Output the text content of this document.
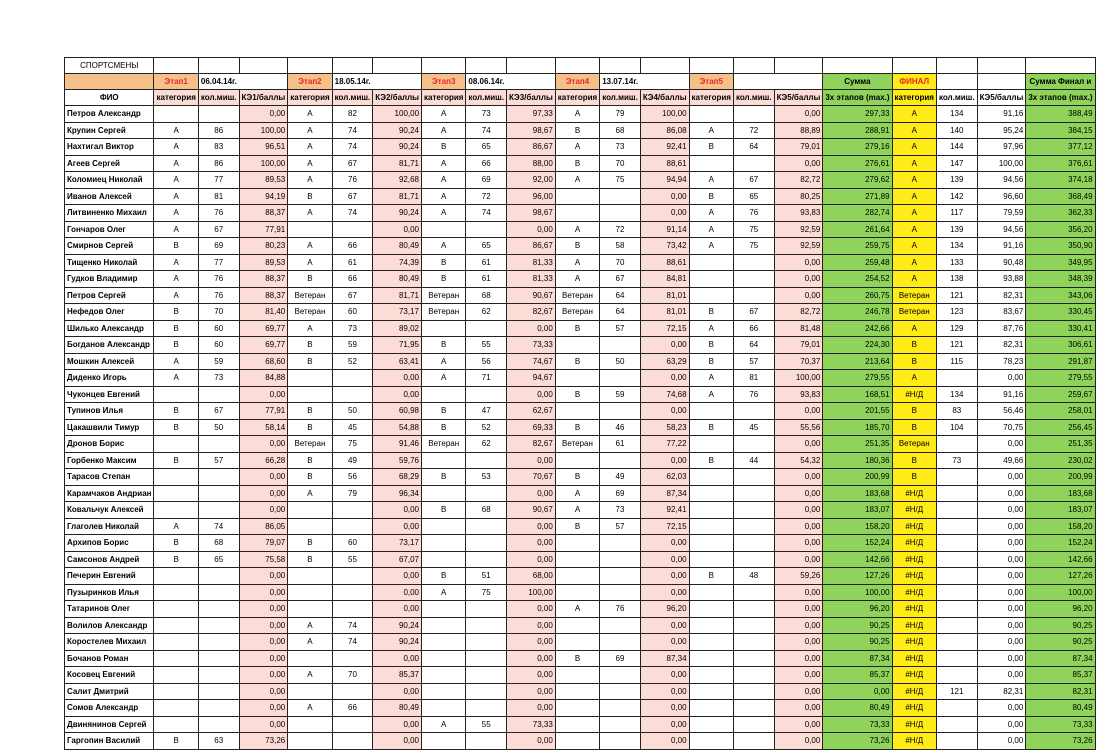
СПОРТСМЕНЫ																				
	Этап1	06.04.14г.		Этап2	18.05.14г.		Этап3	08.06.14г.		Этап4	13.07.14г.		Этап5			Сумма	ФИНАЛ			Сумма Финал и
ФИО	категория	кол.миш.	КЭ1/баллы	категория	кол.миш.	КЭ2/баллы	категория	кол.миш.	КЭ3/баллы	категория	кол.миш.	КЭ4/баллы	категория	кол.миш.	КЭ5/баллы	3х этапов (max.)	категория	кол.миш.	КЭ5/баллы	3х этапов (max.)
Петров Александр			0,00	A	82	100,00	A	73	97,33	A	79	100,00			0,00	297,33	A	134	91,16	388,49
Крупин Сергей	A	86	100,00	A	74	90,24	A	74	98,67	B	68	86,08	A	72	88,89	288,91	A	140	95,24	384,15
Нахтигал Виктор	A	83	96,51	A	74	90,24	B	65	86,67	A	73	92,41	B	64	79,01	279,16	A	144	97,96	377,12
Агеев Сергей	A	86	100,00	A	67	81,71	A	66	88,00	B	70	88,61			0,00	276,61	A	147	100,00	376,61
Коломиец Николай	A	77	89,53	A	76	92,68	A	69	92,00	A	75	94,94	A	67	82,72	279,62	A	139	94,56	374,18
Иванов Алексей	A	81	94,19	B	67	81,71	A	72	96,00			0,00	B	65	80,25	271,89	A	142	96,60	368,49
Литвиненко Михаил	A	76	88,37	A	74	90,24	A	74	98,67			0,00	A	76	93,83	282,74	A	117	79,59	362,33
Гончаров Олег	A	67	77,91			0,00			0,00	A	72	91,14	A	75	92,59	261,64	A	139	94,56	356,20
Смирнов Сергей	B	69	80,23	A	66	80,49	A	65	86,67	B	58	73,42	A	75	92,59	259,75	A	134	91,16	350,90
Тищенко Николай	A	77	89,53	A	61	74,39	B	61	81,33	A	70	88,61			0,00	259,48	A	133	90,48	349,95
Гудков Владимир	A	76	88,37	B	66	80,49	B	61	81,33	A	67	84,81			0,00	254,52	A	138	93,88	348,39
Петров Сергей	A	76	88,37	Ветеран	67	81,71	Ветеран	68	90,67	Ветеран	64	81,01			0,00	260,75	Ветеран	121	82,31	343,06
Нефедов Олег	B	70	81,40	Ветеран	60	73,17	Ветеран	62	82,67	Ветеран	64	81,01	B	67	82,72	246,78	Ветеран	123	83,67	330,45
Шилько Александр	B	60	69,77	A	73	89,02			0,00	B	57	72,15	A	66	81,48	242,66	A	129	87,76	330,41
Богданов Александр	B	60	69,77	B	59	71,95	B	55	73,33			0,00	B	64	79,01	224,30	B	121	82,31	306,61
Мошкин Алексей	A	59	68,60	B	52	63,41	A	56	74,67	B	50	63,29	B	57	70,37	213,64	B	115	78,23	291,87
Диденко Игорь	A	73	84,88			0,00	A	71	94,67			0,00	A	81	100,00	279,55	A		0,00	279,55
Чуконцев Евгений			0,00			0,00			0,00	B	59	74,68	A	76	93,83	168,51	#Н/Д	134	91,16	259,67
Тупинов Илья	B	67	77,91	B	50	60,98	B	47	62,67			0,00			0,00	201,55	B	83	56,46	258,01
Цакашвили Тимур	B	50	58,14	B	45	54,88	B	52	69,33	B	46	58,23	B	45	55,56	185,70	B	104	70,75	256,45
Дронов Борис			0,00	Ветеран	75	91,46	Ветеран	62	82,67	Ветеран	61	77,22			0,00	251,35	Ветеран		0,00	251,35
Горбенко Максим	B	57	66,28	B	49	59,76			0,00			0,00	B	44	54,32	180,36	B	73	49,66	230,02
Тарасов Степан			0,00	B	56	68,29	B	53	70,67	B	49	62,03			0,00	200,99	B		0,00	200,99
Карамчаков Андриан			0,00	A	79	96,34			0,00	A	69	87,34			0,00	183,68	#Н/Д		0,00	183,68
Ковальчук Алексей			0,00			0,00	B	68	90,67	A	73	92,41			0,00	183,07	#Н/Д		0,00	183,07
Глаголев Николай	A	74	86,05			0,00			0,00	B	57	72,15			0,00	158,20	#Н/Д		0,00	158,20
Архипов Борис	B	68	79,07	B	60	73,17			0,00			0,00			0,00	152,24	#Н/Д		0,00	152,24
Самсонов Андрей	B	65	75,58	B	55	67,07			0,00			0,00			0,00	142,66	#Н/Д		0,00	142,66
Печерин Евгений			0,00			0,00	B	51	68,00			0,00	B	48	59,26	127,26	#Н/Д		0,00	127,26
Пузыринков Илья			0,00			0,00	A	75	100,00			0,00			0,00	100,00	#Н/Д		0,00	100,00
Татаринов Олег			0,00			0,00			0,00	A	76	96,20			0,00	96,20	#Н/Д		0,00	96,20
Волилов Александр			0,00	A	74	90,24			0,00			0,00			0,00	90,25	#Н/Д		0,00	90,25
Коростелев Михаил			0,00	A	74	90,24			0,00			0,00			0,00	90,25	#Н/Д		0,00	90,25
Бочанов Роман			0,00			0,00			0,00	B	69	87,34			0,00	87,34	#Н/Д		0,00	87,34
Косовец Евгений			0,00	A	70	85,37			0,00			0,00			0,00	85,37	#Н/Д		0,00	85,37
Салит Дмитрий			0,00			0,00			0,00			0,00			0,00	0,00	#Н/Д	121	82,31	82,31
Сомов Александр			0,00	A	66	80,49			0,00			0,00			0,00	80,49	#Н/Д		0,00	80,49
Двинянинов Сергей			0,00			0,00	A	55	73,33			0,00			0,00	73,33	#Н/Д		0,00	73,33
Гаргопин Василий	B	63	73,26			0,00			0,00			0,00			0,00	73,26	#Н/Д		0,00	73,26
